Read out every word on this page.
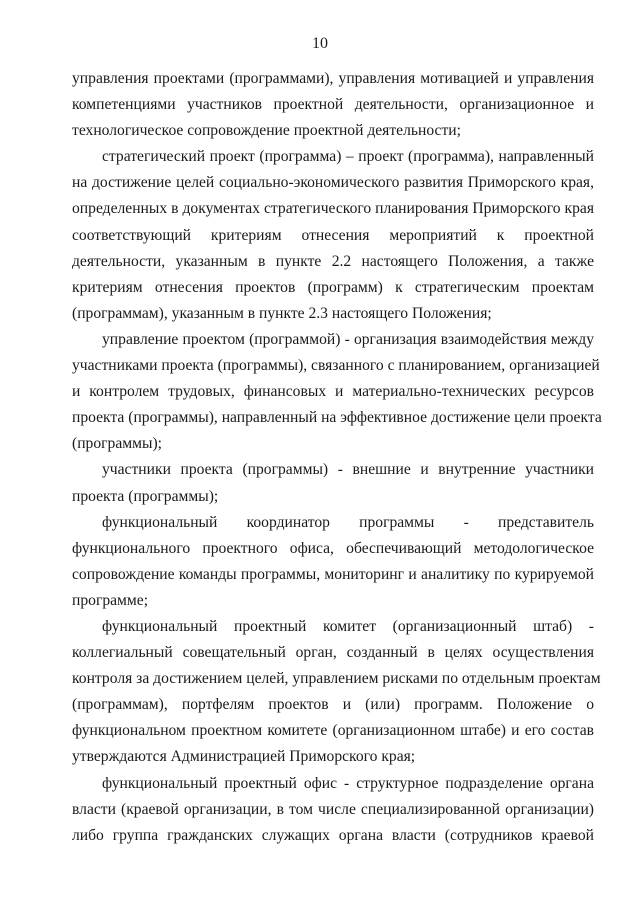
10
управления проектами (программами), управления мотивацией и управления
компетенциями участников проектной деятельности, организационное и
технологическое сопровождение проектной деятельности;
стратегический проект (программа) – проект (программа), направленный
на достижение целей социально-экономического развития Приморского края,
определенных в документах стратегического планирования Приморского края
соответствующий критериям отнесения мероприятий к проектной
деятельности, указанным в пункте 2.2 настоящего Положения, а также
критериям отнесения проектов (программ) к стратегическим проектам
(программам), указанным в пункте 2.3 настоящего Положения;
управление проектом (программой) - организация взаимодействия между
участниками проекта (программы), связанного с планированием, организацией
и контролем трудовых, финансовых и материально-технических ресурсов
проекта (программы), направленный на эффективное достижение цели проекта
(программы);
участники проекта (программы) - внешние и внутренние участники
проекта (программы);
функциональный координатор программы - представитель
функционального проектного офиса, обеспечивающий методологическое
сопровождение команды программы, мониторинг и аналитику по курируемой
программе;
функциональный проектный комитет (организационный штаб) -
коллегиальный совещательный орган, созданный в целях осуществления
контроля за достижением целей, управлением рисками по отдельным проектам
(программам), портфелям проектов и (или) программ. Положение о
функциональном проектном комитете (организационном штабе) и его состав
утверждаются Администрацией Приморского края;
функциональный проектный офис - структурное подразделение органа
власти (краевой организации, в том числе специализированной организации)
либо группа гражданских служащих органа власти (сотрудников краевой
